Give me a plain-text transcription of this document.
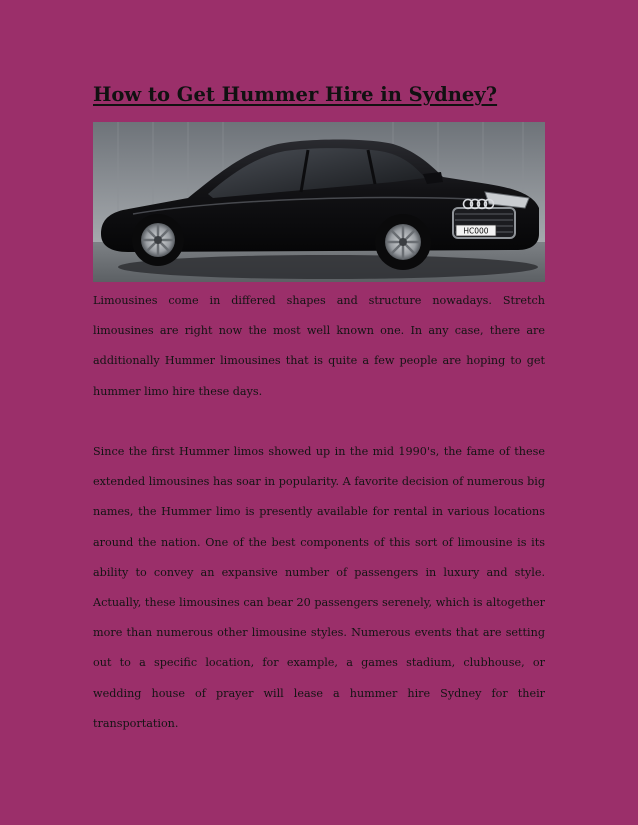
How to Get Hummer Hire in Sydney?
HC000

Limousines come in differed shapes and structure nowadays. Stretch limousines are right now the most well known one. In any case, there are additionally Hummer limousines that is quite a few people are hoping to get hummer limo hire these days.

Since the first Hummer limos showed up in the mid 1990's, the fame of these extended limousines has soar in popularity. A favorite decision of numerous big names, the Hummer limo is presently available for rental in various locations around the nation. One of the best components of this sort of limousine is its ability to convey an expansive number of passengers in luxury and style. Actually, these limousines can bear 20 passengers serenely, which is altogether more than numerous other limousine styles. Numerous events that are setting out to a specific location, for example, a games stadium, clubhouse, or wedding house of prayer will lease a hummer hire Sydney for their transportation.
